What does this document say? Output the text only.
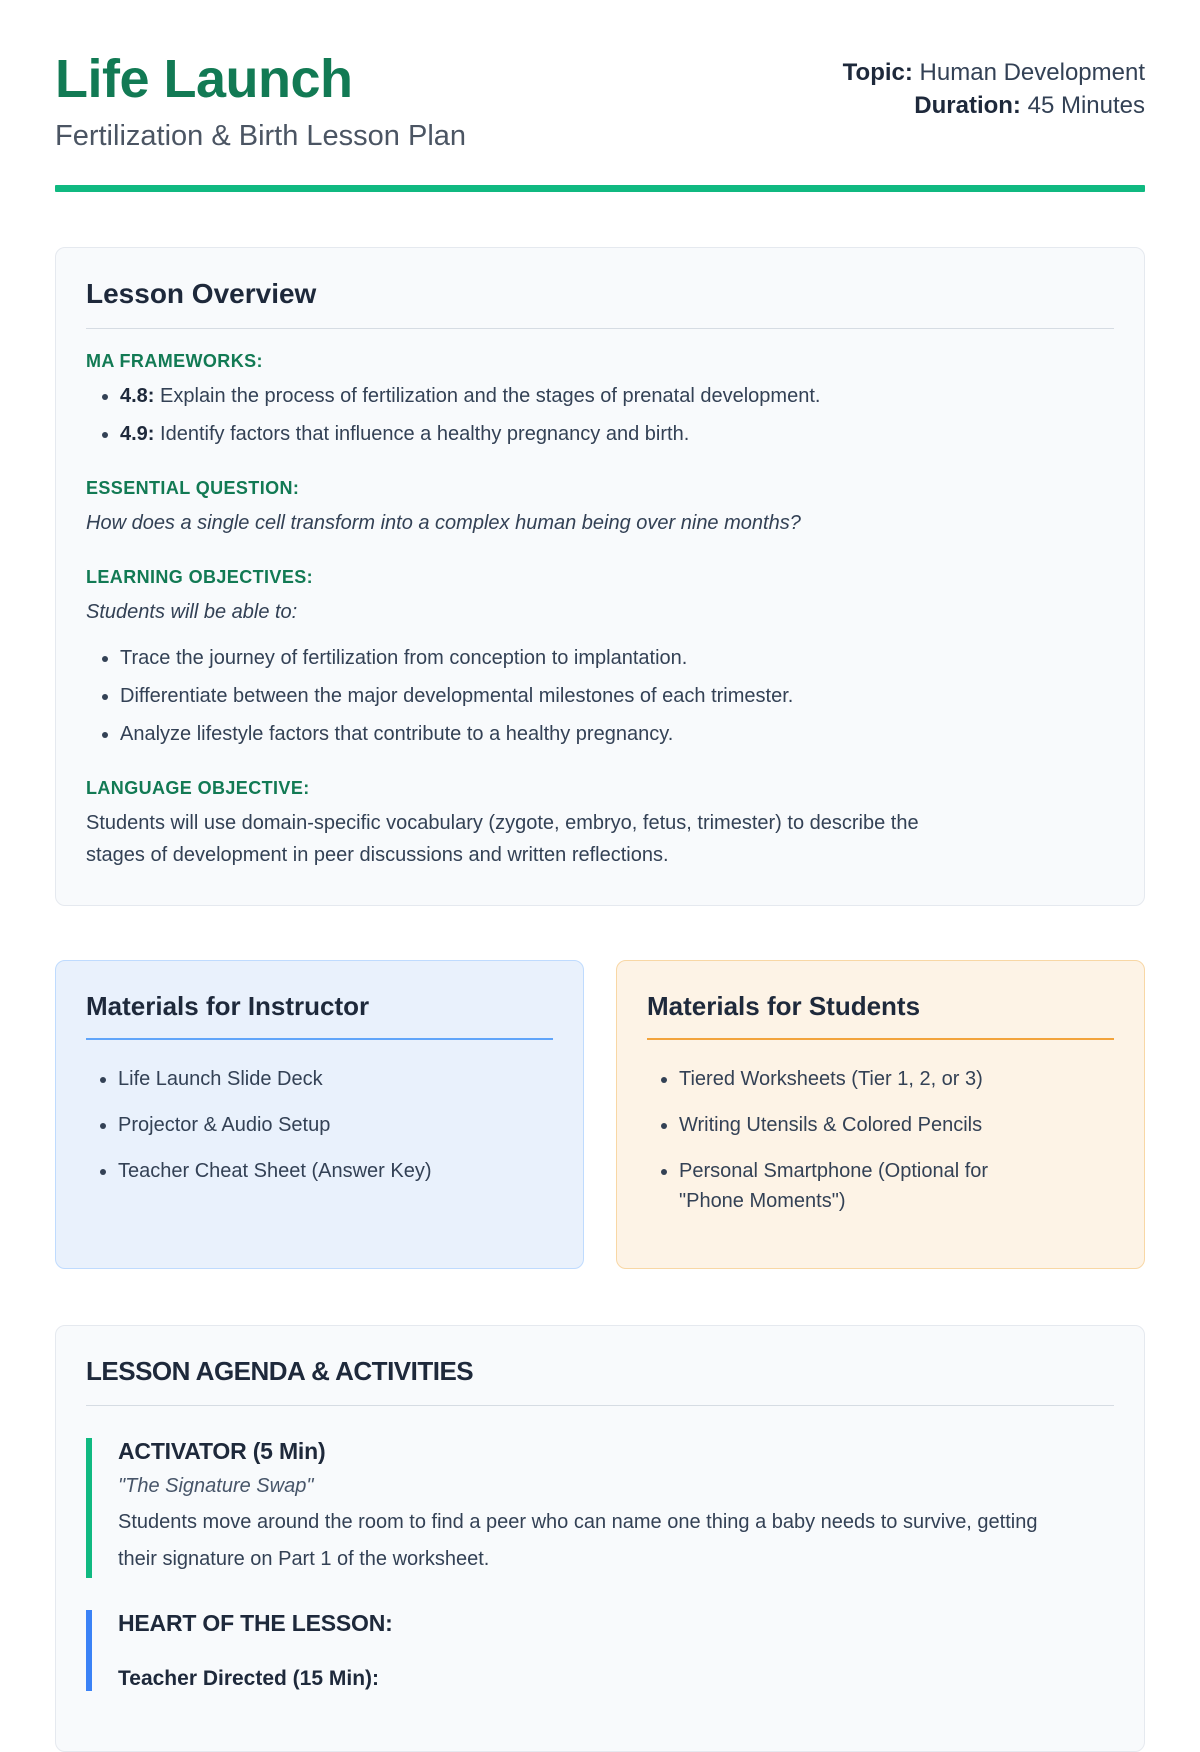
Life Launch
Fertilization & Birth Lesson Plan
Topic: Human Development
Duration: 45 Minutes
Lesson Overview
MA FRAMEWORKS:
• 4.8: Explain the process of fertilization and the stages of prenatal development.
• 4.9: Identify factors that influence a healthy pregnancy and birth.
ESSENTIAL QUESTION:

How does a single cell transform into a complex human being over nine months?

LEARNING OBJECTIVES:

Students will be able to:

• Trace the journey of fertilization from conception to implantation.
• Differentiate between the major developmental milestones of each trimester.
• Analyze lifestyle factors that contribute to a healthy pregnancy.
LANGUAGE OBJECTIVE:

Students will use domain-specific vocabulary (zygote, embryo, fetus, trimester) to describe the stages of development in peer discussions and written reflections.

Materials for Instructor
• Life Launch Slide Deck
• Projector & Audio Setup
• Teacher Cheat Sheet (Answer Key)
Materials for Students
• Tiered Worksheets (Tier 1, 2, or 3)
• Writing Utensils & Colored Pencils
• Personal Smartphone (Optional for "Phone Moments")
LESSON AGENDA & ACTIVITIES
ACTIVATOR (5 Min)
"The Signature Swap"

Students move around the room to find a peer who can name one thing a baby needs to survive, getting their signature on Part 1 of the worksheet.

HEART OF THE LESSON:

Teacher Directed (15 Min):
